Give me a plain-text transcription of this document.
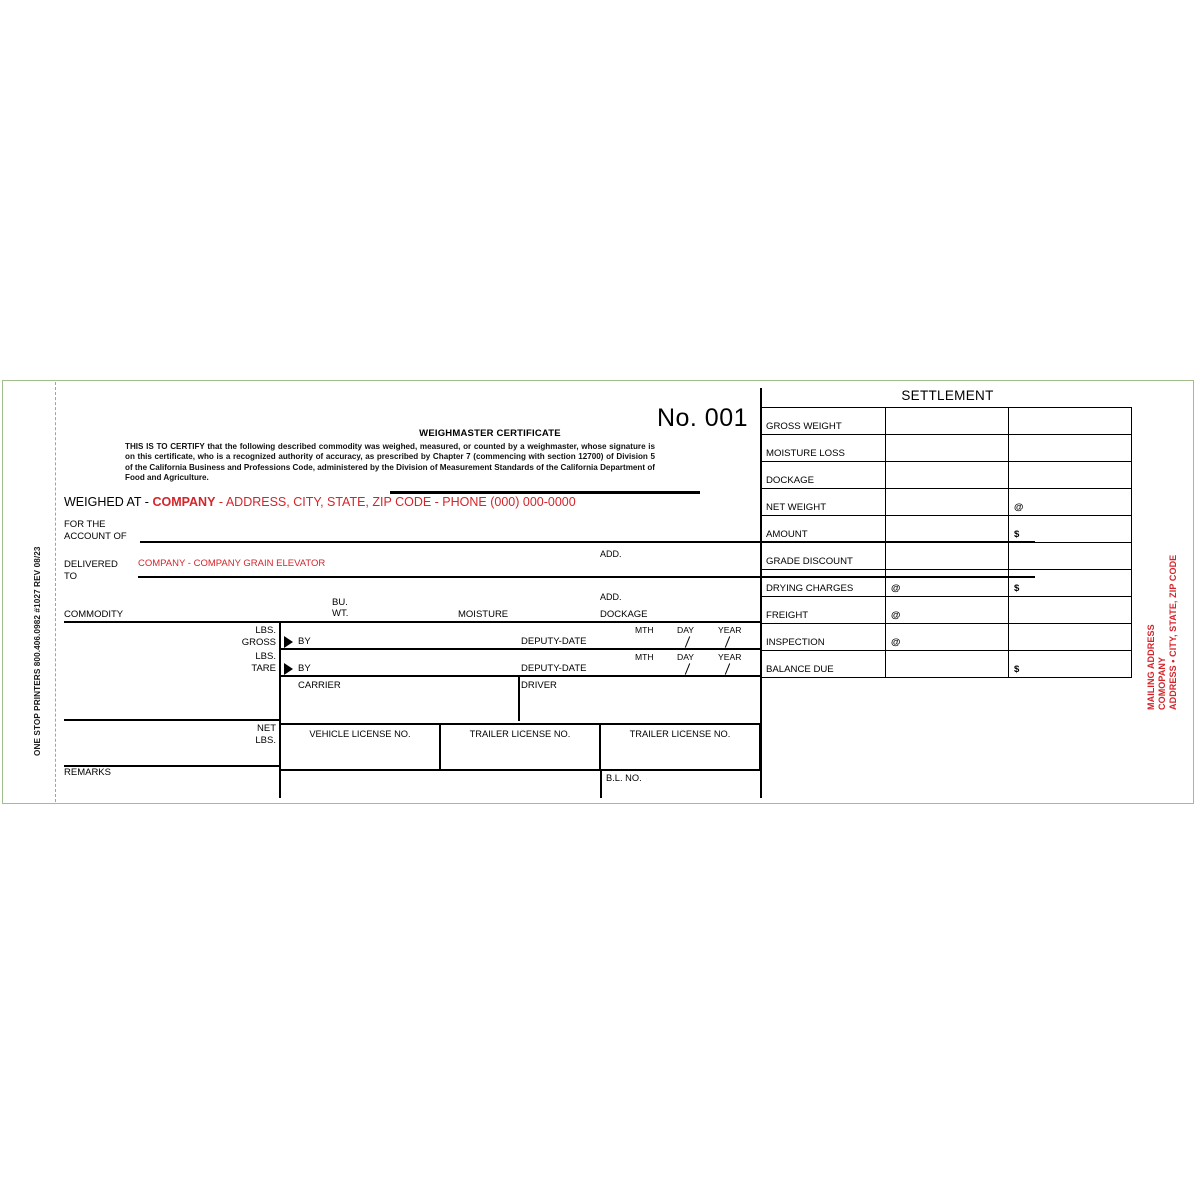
ONE STOP PRINTERS 800.406.0982 #1027 REV 08/23	MAILING ADDRESS COMOPANY ADDRESS • CITY, STATE, ZIP CODE
WEIGHMASTER CERTIFICATE
THIS IS TO CERTIFY that the following described commodity was weighed, measured, or counted by a weighmaster, whose signature is on this certificate, who is a recognized authority of accuracy, as prescribed by Chapter 7 (commencing with section 12700) of Division 5 of the California Business and Professions Code, administered by the Division of Measurement Standards of the California Department of Food and Agriculture.
No. 001
WEIGHED AT - COMPANY - ADDRESS, CITY, STATE, ZIP CODE - PHONE (000) 000-0000
FOR THE
ACCOUNT OF
DELIVERED
TO
COMPANY - COMPANY GRAIN ELEVATOR
ADD.
COMMODITY
BU.
WT.	MOISTURE
ADD.
DOCKAGE
LBS.
GROSS
LBS.
TARE
NET
LBS.
BY
BY
DEPUTY-DATE
DEPUTY-DATE
CARRIER	DRIVER
MTH	DAY	YEAR
MTH	DAY	YEAR
REMARKS
VEHICLE LICENSE NO.	TRAILER LICENSE NO.	TRAILER LICENSE NO.
B.L. NO.
SETTLEMENT
GROSS WEIGHT		
MOISTURE LOSS		
DOCKAGE		
NET WEIGHT		@
AMOUNT		$
GRADE DISCOUNT		
DRYING CHARGES	@	$
FREIGHT	@	
INSPECTION	@	
BALANCE DUE		$
